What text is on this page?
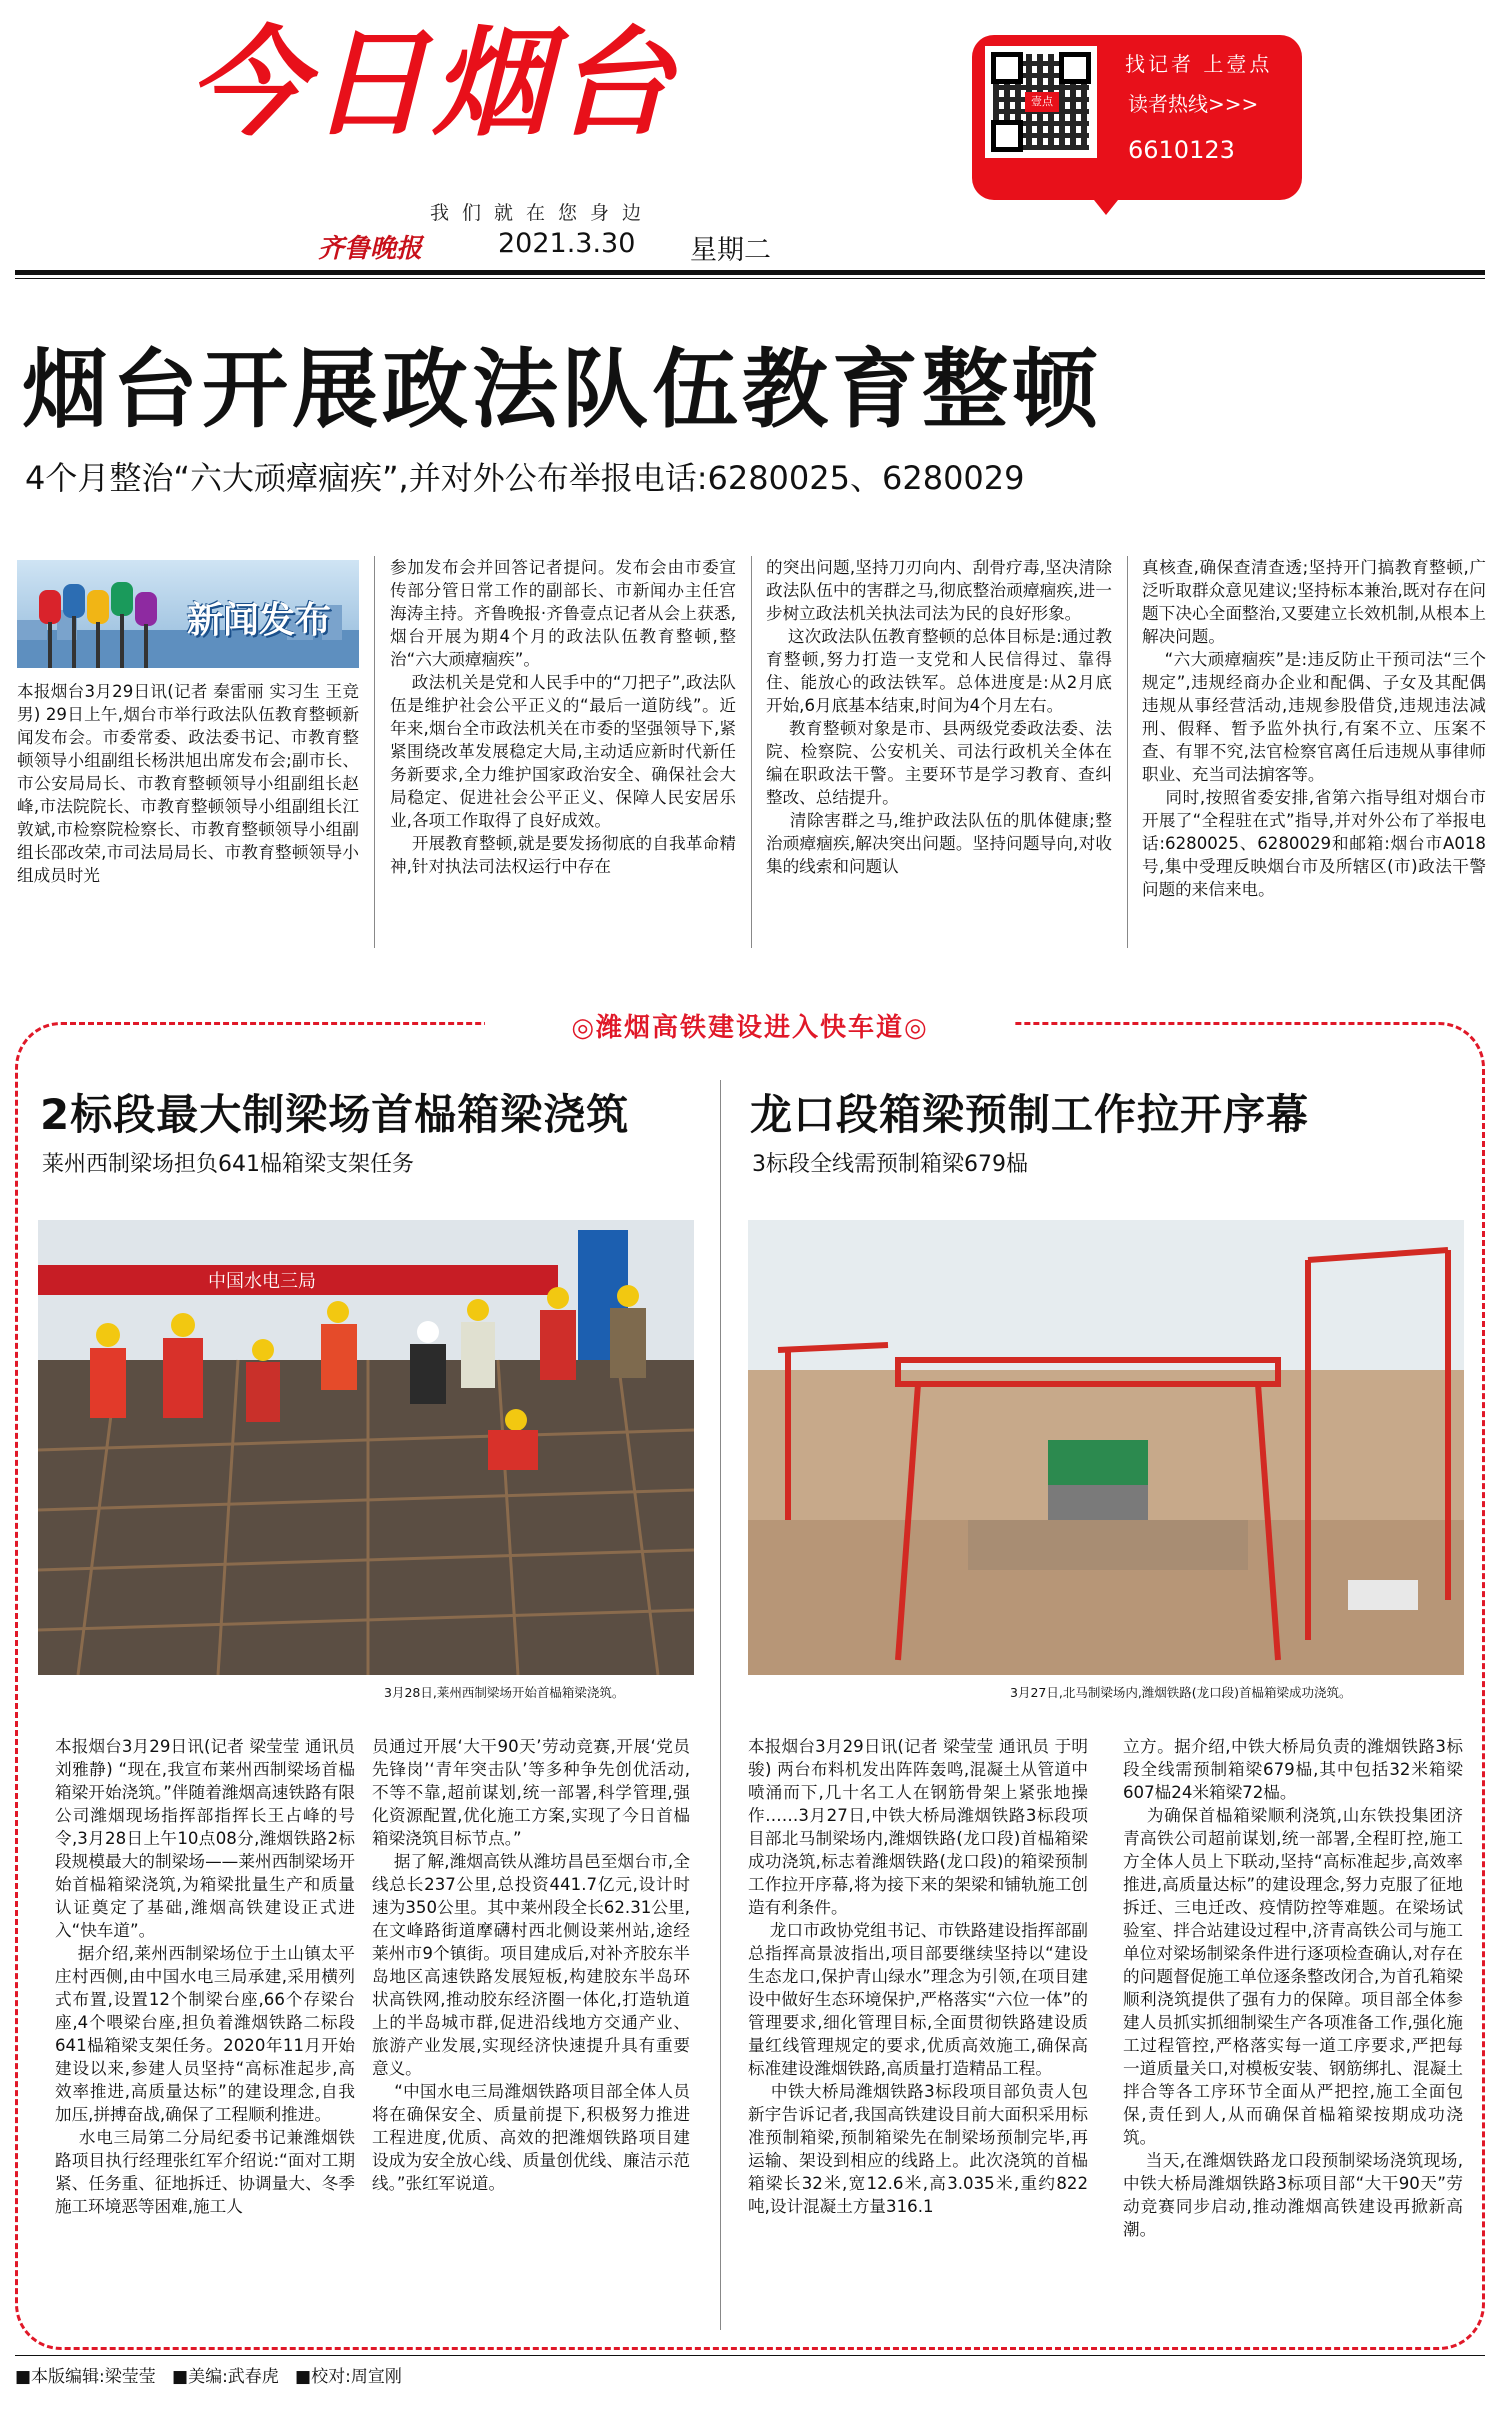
今日烟台
我们就在您身边
齐鲁晚报	2021.3.30 星期二
壹点
找记者 上壹点
读者热线>>>
6610123
烟台开展政法队伍教育整顿
4个月整治“六大顽瘴痼疾”,并对外公布举报电话:6280025、6280029
新闻发布
本报烟台3月29日讯(记者 秦雷丽 实习生 王竞男) 29日上午,烟台市举行政法队伍教育整顿新闻发布会。市委常委、政法委书记、市教育整顿领导小组副组长杨洪旭出席发布会;副市长、市公安局局长、市教育整顿领导小组副组长赵峰,市法院院长、市教育整顿领导小组副组长江敦斌,市检察院检察长、市教育整顿领导小组副组长邵改荣,市司法局局长、市教育整顿领导小组成员时光
参加发布会并回答记者提问。发布会由市委宣传部分管日常工作的副部长、市新闻办主任宫海涛主持。齐鲁晚报·齐鲁壹点记者从会上获悉,烟台开展为期4个月的政法队伍教育整顿,整治“六大顽瘴痼疾”。
政法机关是党和人民手中的“刀把子”,政法队伍是维护社会公平正义的“最后一道防线”。近年来,烟台全市政法机关在市委的坚强领导下,紧紧围绕改革发展稳定大局,主动适应新时代新任务新要求,全力维护国家政治安全、确保社会大局稳定、促进社会公平正义、保障人民安居乐业,各项工作取得了良好成效。
开展教育整顿,就是要发扬彻底的自我革命精神,针对执法司法权运行中存在
的突出问题,坚持刀刃向内、刮骨疗毒,坚决清除政法队伍中的害群之马,彻底整治顽瘴痼疾,进一步树立政法机关执法司法为民的良好形象。
这次政法队伍教育整顿的总体目标是:通过教育整顿,努力打造一支党和人民信得过、靠得住、能放心的政法铁军。总体进度是:从2月底开始,6月底基本结束,时间为4个月左右。
教育整顿对象是市、县两级党委政法委、法院、检察院、公安机关、司法行政机关全体在编在职政法干警。主要环节是学习教育、查纠整改、总结提升。
清除害群之马,维护政法队伍的肌体健康;整治顽瘴痼疾,解决突出问题。坚持问题导向,对收集的线索和问题认
真核查,确保查清查透;坚持开门搞教育整顿,广泛听取群众意见建议;坚持标本兼治,既对存在问题下决心全面整治,又要建立长效机制,从根本上解决问题。
“六大顽瘴痼疾”是:违反防止干预司法“三个规定”,违规经商办企业和配偶、子女及其配偶违规从事经营活动,违规参股借贷,违规违法减刑、假释、暂予监外执行,有案不立、压案不查、有罪不究,法官检察官离任后违规从事律师职业、充当司法掮客等。
同时,按照省委安排,省第六指导组对烟台市开展了“全程驻在式”指导,并对外公布了举报电话:6280025、6280029和邮箱:烟台市A018号,集中受理反映烟台市及所辖区(市)政法干警问题的来信来电。
◎潍烟高铁建设进入快车道◎
2标段最大制梁场首榀箱梁浇筑
莱州西制梁场担负641榀箱梁支架任务
中国水电三局
3月28日,莱州西制梁场开始首榀箱梁浇筑。
本报烟台3月29日讯(记者 梁莹莹 通讯员 刘雅静) “现在,我宣布莱州西制梁场首榀箱梁开始浇筑。”伴随着潍烟高速铁路有限公司潍烟现场指挥部指挥长王占峰的号令,3月28日上午10点08分,潍烟铁路2标段规模最大的制梁场——莱州西制梁场开始首榀箱梁浇筑,为箱梁批量生产和质量认证奠定了基础,潍烟高铁建设正式进入“快车道”。
据介绍,莱州西制梁场位于土山镇太平庄村西侧,由中国水电三局承建,采用横列式布置,设置12个制梁台座,66个存梁台座,4个喂梁台座,担负着潍烟铁路二标段641榀箱梁支架任务。2020年11月开始建设以来,参建人员坚持“高标准起步,高效率推进,高质量达标”的建设理念,自我加压,拼搏奋战,确保了工程顺利推进。
水电三局第二分局纪委书记兼潍烟铁路项目执行经理张红军介绍说:“面对工期紧、任务重、征地拆迁、协调量大、冬季施工环境恶等困难,施工人
员通过开展‘大干90天’劳动竞赛,开展‘党员先锋岗’‘青年突击队’等多种争先创优活动,不等不靠,超前谋划,统一部署,科学管理,强化资源配置,优化施工方案,实现了今日首榀箱梁浇筑目标节点。”
据了解,潍烟高铁从潍坊昌邑至烟台市,全线总长237公里,总投资441.7亿元,设计时速为350公里。其中莱州段全长62.31公里,在文峰路街道摩礴村西北侧设莱州站,途经莱州市9个镇街。项目建成后,对补齐胶东半岛地区高速铁路发展短板,构建胶东半岛环状高铁网,推动胶东经济圈一体化,打造轨道上的半岛城市群,促进沿线地方交通产业、旅游产业发展,实现经济快速提升具有重要意义。
“中国水电三局潍烟铁路项目部全体人员将在确保安全、质量前提下,积极努力推进工程进度,优质、高效的把潍烟铁路项目建设成为安全放心线、质量创优线、廉洁示范线。”张红军说道。
龙口段箱梁预制工作拉开序幕
3标段全线需预制箱梁679榀
3月27日,北马制梁场内,潍烟铁路(龙口段)首榀箱梁成功浇筑。
本报烟台3月29日讯(记者 梁莹莹 通讯员 于明骏) 两台布料机发出阵阵轰鸣,混凝土从管道中喷涌而下,几十名工人在钢筋骨架上紧张地操作……3月27日,中铁大桥局潍烟铁路3标段项目部北马制梁场内,潍烟铁路(龙口段)首榀箱梁成功浇筑,标志着潍烟铁路(龙口段)的箱梁预制工作拉开序幕,将为接下来的架梁和铺轨施工创造有利条件。
龙口市政协党组书记、市铁路建设指挥部副总指挥高景波指出,项目部要继续坚持以“建设生态龙口,保护青山绿水”理念为引领,在项目建设中做好生态环境保护,严格落实“六位一体”的管理要求,细化管理目标,全面贯彻铁路建设质量红线管理规定的要求,优质高效施工,确保高标准建设潍烟铁路,高质量打造精品工程。
中铁大桥局潍烟铁路3标段项目部负责人包新宇告诉记者,我国高铁建设目前大面积采用标准预制箱梁,预制箱梁先在制梁场预制完毕,再运输、架设到相应的线路上。此次浇筑的首榀箱梁长32米,宽12.6米,高3.035米,重约822吨,设计混凝土方量316.1
立方。据介绍,中铁大桥局负责的潍烟铁路3标段全线需预制箱梁679榀,其中包括32米箱梁607榀24米箱梁72榀。
为确保首榀箱梁顺利浇筑,山东铁投集团济青高铁公司超前谋划,统一部署,全程盯控,施工方全体人员上下联动,坚持“高标准起步,高效率推进,高质量达标”的建设理念,努力克服了征地拆迁、三电迁改、疫情防控等难题。在梁场试验室、拌合站建设过程中,济青高铁公司与施工单位对梁场制梁条件进行逐项检查确认,对存在的问题督促施工单位逐条整改闭合,为首孔箱梁顺利浇筑提供了强有力的保障。项目部全体参建人员抓实抓细制梁生产各项准备工作,强化施工过程管控,严格落实每一道工序要求,严把每一道质量关口,对模板安装、钢筋绑扎、混凝土拌合等各工序环节全面从严把控,施工全面包保,责任到人,从而确保首榀箱梁按期成功浇筑。
当天,在潍烟铁路龙口段预制梁场浇筑现场,中铁大桥局潍烟铁路3标项目部“大干90天”劳动竞赛同步启动,推动潍烟高铁建设再掀新高潮。
■本版编辑:梁莹莹 ■美编:武春虎 ■校对:周宣刚
